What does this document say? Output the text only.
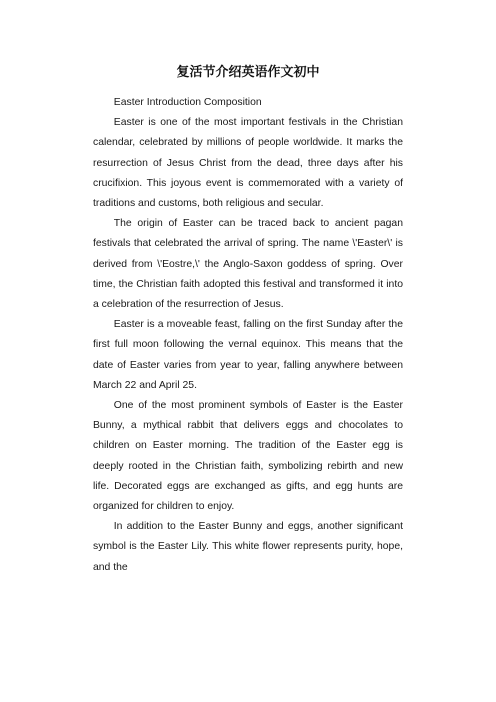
复活节介绍英语作文初中

Easter Introduction Composition

Easter is one of the most important festivals in the Christian calendar, celebrated by millions of people worldwide. It marks the resurrection of Jesus Christ from the dead, three days after his crucifixion. This joyous event is commemorated with a variety of traditions and customs, both religious and secular.

The origin of Easter can be traced back to ancient pagan festivals that celebrated the arrival of spring. The name \'Easter\' is derived from \'Eostre,\' the Anglo-Saxon goddess of spring. Over time, the Christian faith adopted this festival and transformed it into a celebration of the resurrection of Jesus.

Easter is a moveable feast, falling on the first Sunday after the first full moon following the vernal equinox. This means that the date of Easter varies from year to year, falling anywhere between March 22 and April 25.

One of the most prominent symbols of Easter is the Easter Bunny, a mythical rabbit that delivers eggs and chocolates to children on Easter morning. The tradition of the Easter egg is deeply rooted in the Christian faith, symbolizing rebirth and new life. Decorated eggs are exchanged as gifts, and egg hunts are organized for children to enjoy.

In addition to the Easter Bunny and eggs, another significant symbol is the Easter Lily. This white flower represents purity, hope, and the
